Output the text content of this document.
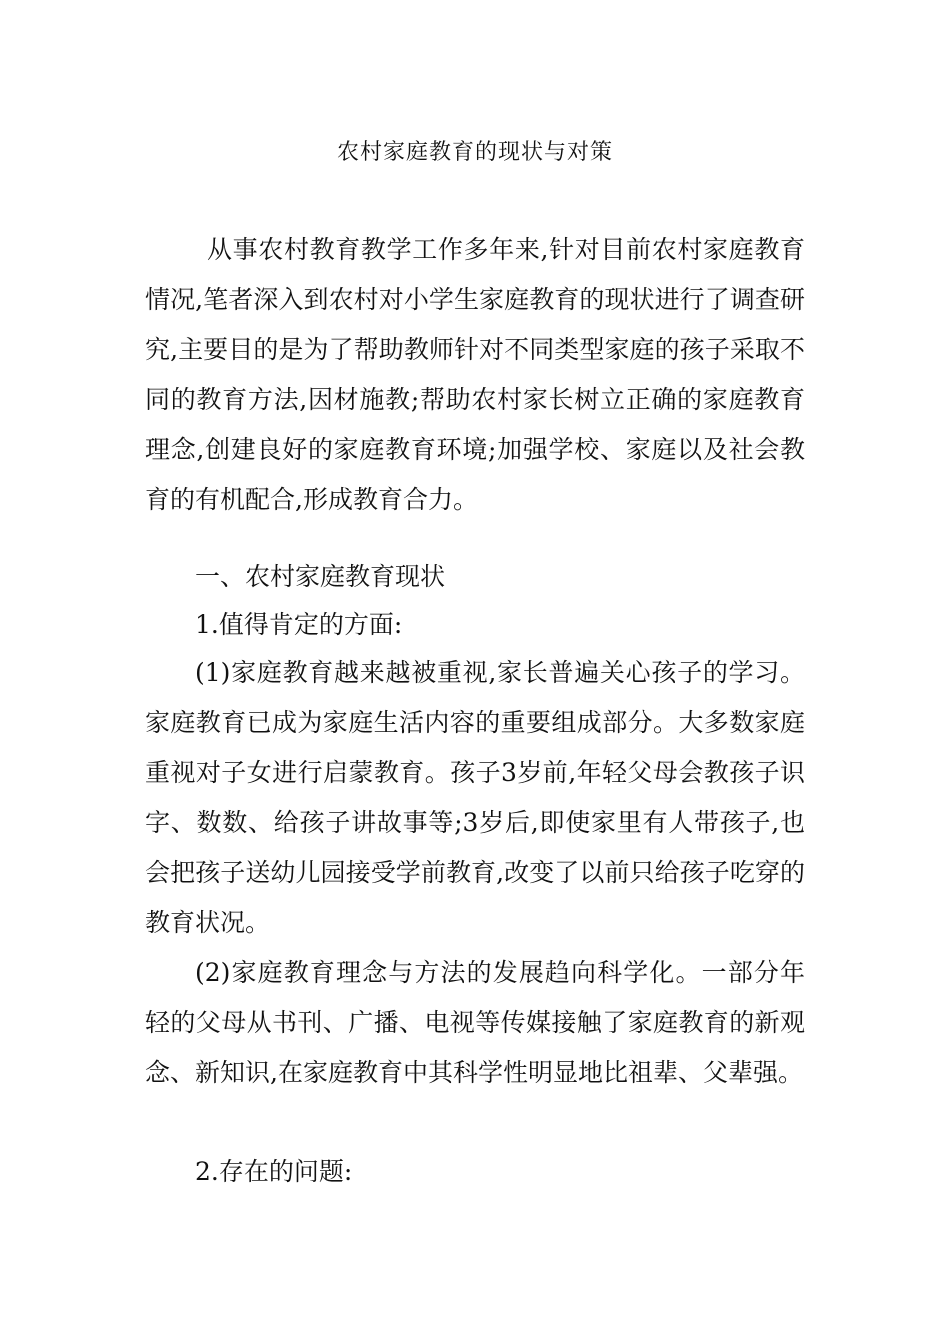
农村家庭教育的现状与对策

从事农村教育教学工作多年来,针对目前农村家庭教育情况,笔者深入到农村对小学生家庭教育的现状进行了调查研究,主要目的是为了帮助教师针对不同类型家庭的孩子采取不同的教育方法,因材施教;帮助农村家长树立正确的家庭教育理念,创建良好的家庭教育环境;加强学校、家庭以及社会教育的有机配合,形成教育合力。

一、农村家庭教育现状

1.值得肯定的方面:

(1)家庭教育越来越被重视,家长普遍关心孩子的学习。家庭教育已成为家庭生活内容的重要组成部分。大多数家庭重视对子女进行启蒙教育。孩子3岁前,年轻父母会教孩子识字、数数、给孩子讲故事等;3岁后,即使家里有人带孩子,也会把孩子送幼儿园接受学前教育,改变了以前只给孩子吃穿的教育状况。

(2)家庭教育理念与方法的发展趋向科学化。一部分年轻的父母从书刊、广播、电视等传媒接触了家庭教育的新观念、新知识,在家庭教育中其科学性明显地比祖辈、父辈强。

2.存在的问题:
